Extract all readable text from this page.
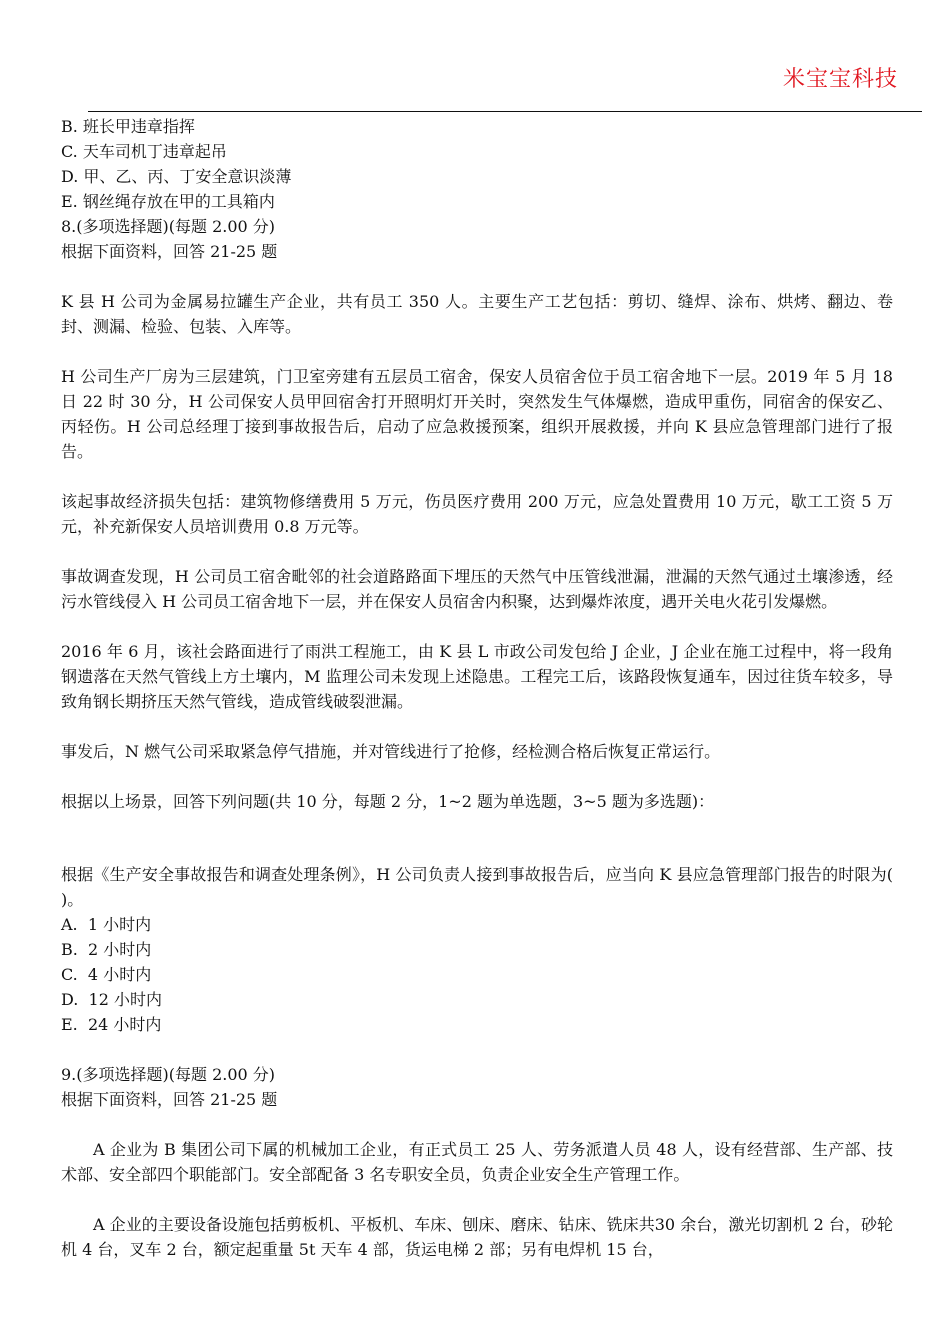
米宝宝科技
B. 班长甲违章指挥
C. 天车司机丁违章起吊
D. 甲、乙、丙、丁安全意识淡薄
E. 钢丝绳存放在甲的工具箱内
8.(多项选择题)(每题 2.00 分)
根据下面资料，回答 21-25 题
K 县 H 公司为金属易拉罐生产企业，共有员工 350 人。主要生产工艺包括：剪切、缝焊、涂布、烘烤、翻边、卷封、测漏、检验、包装、入库等。
H 公司生产厂房为三层建筑，门卫室旁建有五层员工宿舍，保安人员宿舍位于员工宿舍地下一层。2019 年 5 月 18 日 22 时 30 分，H 公司保安人员甲回宿舍打开照明灯开关时，突然发生气体爆燃，造成甲重伤，同宿舍的保安乙、丙轻伤。H 公司总经理丁接到事故报告后，启动了应急救援预案，组织开展救援，并向 K 县应急管理部门进行了报告。
该起事故经济损失包括：建筑物修缮费用 5 万元，伤员医疗费用 200 万元，应急处置费用 10 万元，歇工工资 5 万元，补充新保安人员培训费用 0.8 万元等。
事故调查发现，H 公司员工宿舍毗邻的社会道路路面下埋压的天然气中压管线泄漏，泄漏的天然气通过土壤渗透，经污水管线侵入 H 公司员工宿舍地下一层，并在保安人员宿舍内积聚，达到爆炸浓度，遇开关电火花引发爆燃。
2016 年 6 月，该社会路面进行了雨洪工程施工，由 K 县 L 市政公司发包给 J 企业，J 企业在施工过程中，将一段角钢遗落在天然气管线上方土壤内，M 监理公司未发现上述隐患。工程完工后，该路段恢复通车，因过往货车较多，导致角钢长期挤压天然气管线，造成管线破裂泄漏。
事发后，N 燃气公司采取紧急停气措施，并对管线进行了抢修，经检测合格后恢复正常运行。
根据以上场景，回答下列问题(共 10 分，每题 2 分，1~2 题为单选题，3~5 题为多选题)：
根据《生产安全事故报告和调查处理条例》，H 公司负责人接到事故报告后，应当向 K 县应急管理部门报告的时限为( )。
A.  1 小时内
B.  2 小时内
C.  4 小时内
D.  12 小时内
E.  24 小时内
9.(多项选择题)(每题 2.00 分)
根据下面资料，回答 21-25 题
A 企业为 B 集团公司下属的机械加工企业，有正式员工 25 人、劳务派遣人员 48 人，设有经营部、生产部、技术部、安全部四个职能部门。安全部配备 3 名专职安全员，负责企业安全生产管理工作。
A 企业的主要设备设施包括剪板机、平板机、车床、刨床、磨床、钻床、铣床共30 余台，激光切割机 2 台，砂轮机 4 台，叉车 2 台，额定起重量 5t 天车 4 部，货运电梯 2 部；另有电焊机 15 台，
